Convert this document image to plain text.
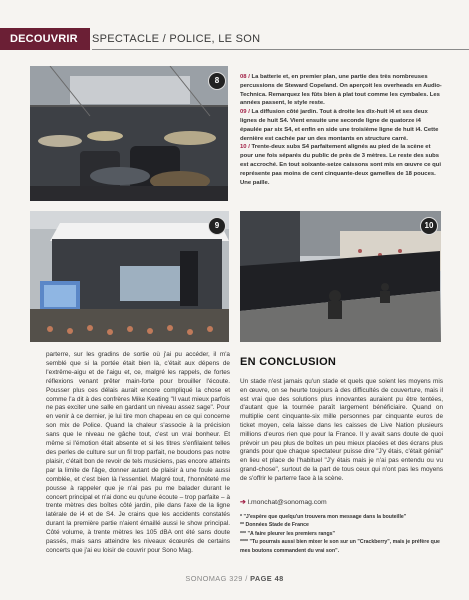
DECOUVRIR	SPECTACLE / POLICE, LE SON
8	08 / La batterie et, en premier plan, une partie des très nombreuses percussions de Steward Copeland. On aperçoit les overheads en Audio-Technica. Remarquez les fûts bien à plat tout comme les cymbales. Les années passent, le style reste.

09 / La diffusion côté jardin. Tout à droite les dix-huit i4 et ses deux lignes de huit S4. Vient ensuite une seconde ligne de quatorze i4 épaulée par six S4, et enfin en side une troisième ligne de huit i4. Cette dernière est cachée par un des montants en structure carré.

10 / Trente-deux subs S4 parfaitement alignés au pied de la scène et pour une fois séparés du public de près de 3 mètres. Le reste des subs est accroché. En tout soixante-seize caissons sont mis en œuvre ce qui représente pas moins de cent cinquante-deux gamelles de 18 pouces. Une paille.

9	10

parterre, sur les gradins de sortie où j'ai pu accéder, il m'a semblé que si la portée était bien là, c'était aux dépens de l'extrême-aigu et de l'aigu et, ce, malgré les rappels, de fortes réflexions venant prêter main-forte pour brouiller l'écoute. Pousser plus ces délais aurait encore compliqué la chose et comme l'a dit à des confrères Mike Keating "Il vaut mieux parfois ne pas exciter une salle en gardant un niveau assez sage". Pour en venir à ce dernier, je lui tire mon chapeau en ce qui concerne son mix de Police. Quand la chaleur s'associe à la précision sans que le niveau ne gâche tout, c'est un vrai bonheur. Et même si l'émotion était absente et si les titres s'enfilaient telles des perles de culture sur un fil trop parfait, ne boudons pas notre plaisir, c'était bon de revoir de tels musiciens, pas encore atteints par la limite de l'âge, donner autant de plaisir à une foule aussi comblée, et c'est bien là l'essentiel. Malgré tout, l'honnêteté me pousse à rappeler que je n'ai pas pu me balader durant le concert principal et n'ai donc eu qu'une écoute – trop parfaite – à trente mètres des boîtes côté jardin, pile dans l'axe de la ligne latérale de i4 et de S4. Je crains que les accidents constatés durant la première partie n'aient émaillé aussi le show principal. Côté volume, à trente mètres les 105 dBA ont été sans doute passés, mais sans atteindre les niveaux écœurés de certains concerts que j'ai eu loisir de couvrir pour Sono Mag.

EN CONCLUSION

Un stade n'est jamais qu'un stade et quels que soient les moyens mis en œuvre, on se heurte toujours à des difficultés de couverture, mais il est vrai que des solutions plus innovantes auraient pu être tentées, d'autant que la tournée paraît largement bénéficiaire. Quand on multiplie cent cinquante-six mille personnes par cinquante euros de ticket moyen, cela laisse dans les caisses de Live Nation plusieurs millions d'euros rien que pour la France. Il y avait sans doute de quoi prévoir un peu plus de boîtes un peu mieux placées et des écrans plus grands pour que chaque spectateur puisse dire "J'y étais, c'était génial" en lieu et place de l'habituel "J'y étais mais je n'ai pas entendu ou vu grand-chose", surtout de la part de tous ceux qui n'ont pas les moyens de s'offrir le parterre face à la scène.

➔ l.monchat@sonomag.com

* "J'espère que quelqu'un trouvera mon message dans la bouteille"

** Données Stade de France

*** "A faire pleurer les premiers rangs"

**** "Tu pourrais aussi bien mixer le son sur un "Crackberry", mais je préfère que mes boutons commandent du vrai son".

SONOMAG 329 / PAGE 48
